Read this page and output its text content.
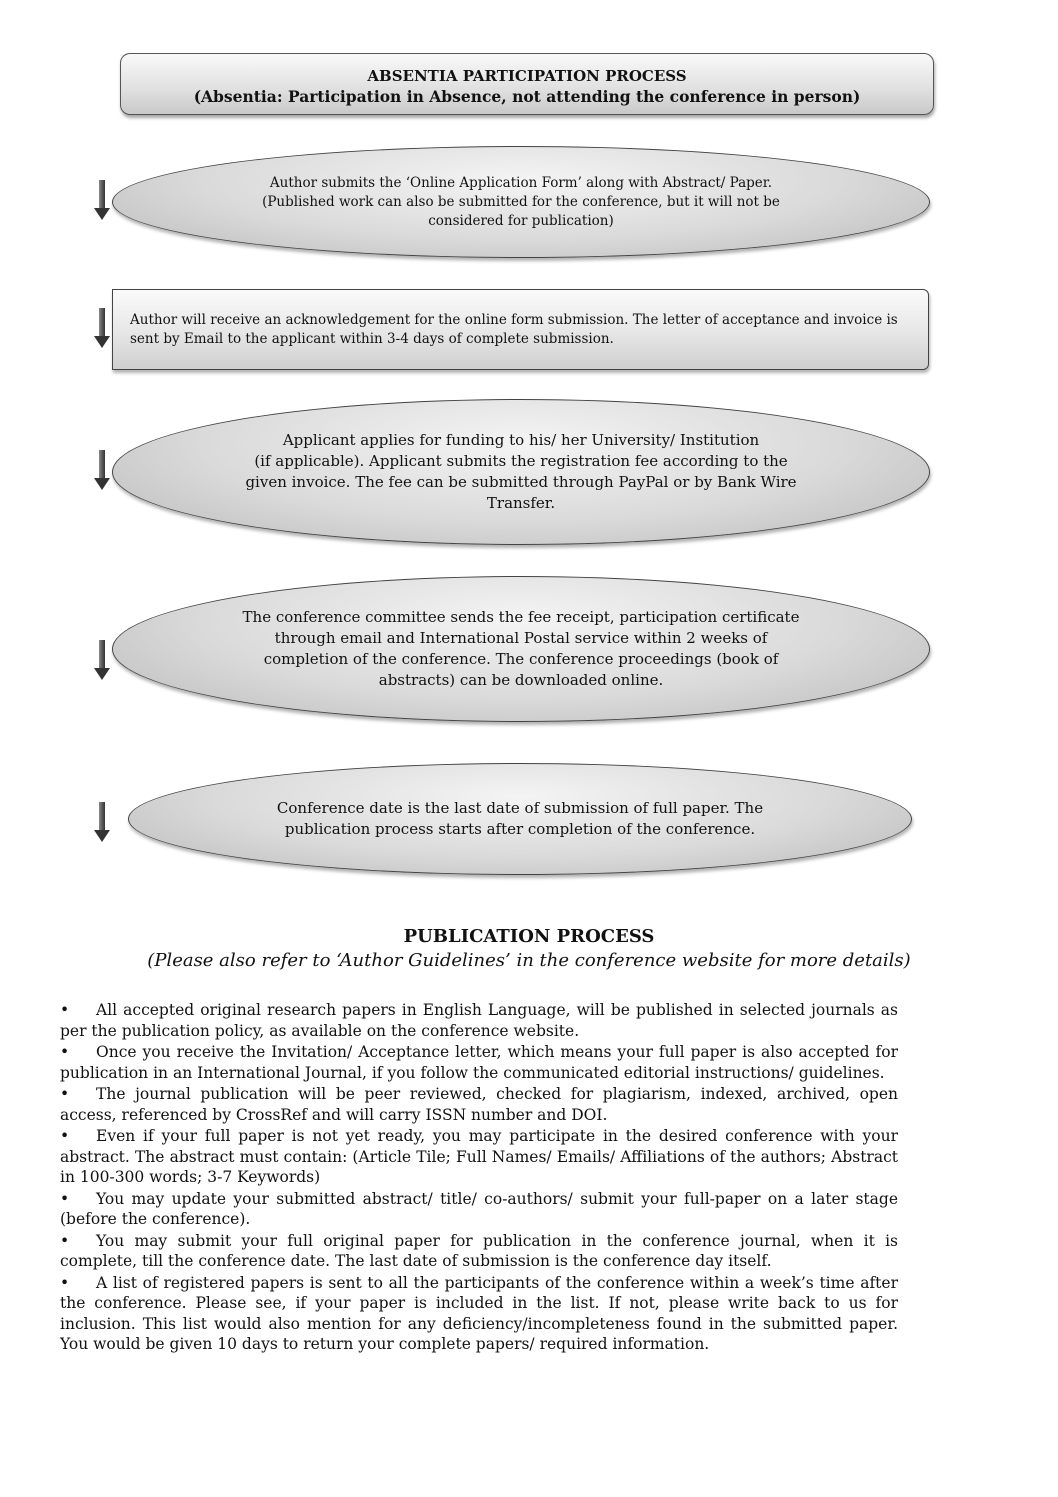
ABSENTIA PARTICIPATION PROCESS
(Absentia: Participation in Absence, not attending the conference in person)
Author submits the ‘Online Application Form’ along with Abstract/ Paper.
(Published work can also be submitted for the conference, but it will not be
considered for publication)
Author will receive an acknowledgement for the online form submission. The letter of acceptance and invoice is
sent by Email to the applicant within 3-4 days of complete submission.
Applicant applies for funding to his/ her University/ Institution
(if applicable). Applicant submits the registration fee according to the
given invoice. The fee can be submitted through PayPal or by Bank Wire
Transfer.
The conference committee sends the fee receipt, participation certificate
through email and International Postal service within 2 weeks of
completion of the conference. The conference proceedings (book of
abstracts) can be downloaded online.
Conference date is the last date of submission of full paper. The
publication process starts after completion of the conference.
PUBLICATION PROCESS
(Please also refer to ‘Author Guidelines’ in the conference website for more details)
• All accepted original research papers in English Language, will be published in selected journals as per the publication policy, as available on the conference website.
• Once you receive the Invitation/ Acceptance letter, which means your full paper is also accepted for publication in an International Journal, if you follow the communicated editorial instructions/ guidelines.
• The journal publication will be peer reviewed, checked for plagiarism, indexed, archived, open access, referenced by CrossRef and will carry ISSN number and DOI.
• Even if your full paper is not yet ready, you may participate in the desired conference with your abstract. The abstract must contain: (Article Tile; Full Names/ Emails/ Affiliations of the authors; Abstract in 100-300 words; 3-7 Keywords)
• You may update your submitted abstract/ title/ co-authors/ submit your full-paper on a later stage (before the conference).
• You may submit your full original paper for publication in the conference journal, when it is complete, till the conference date. The last date of submission is the conference day itself.
• A list of registered papers is sent to all the participants of the conference within a week’s time after the conference. Please see, if your paper is included in the list. If not, please write back to us for inclusion. This list would also mention for any deficiency/incompleteness found in the submitted paper. You would be given 10 days to return your complete papers/ required information.
